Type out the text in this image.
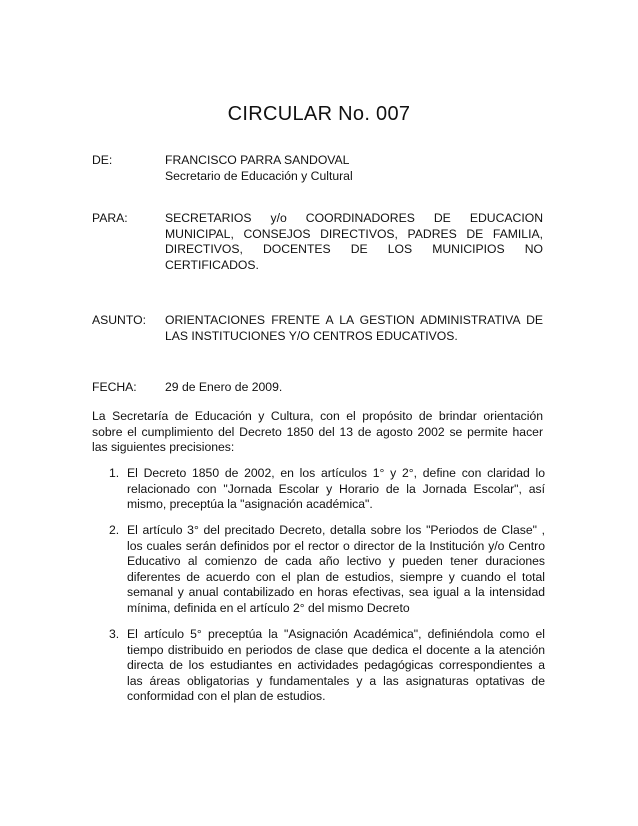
CIRCULAR No. 007
DE:	FRANCISCO PARRA SANDOVAL
Secretario de Educación y Cultural
PARA:	SECRETARIOS y/o COORDINADORES DE EDUCACION
MUNICIPAL, CONSEJOS DIRECTIVOS, PADRES DE FAMILIA,
DIRECTIVOS, DOCENTES DE LOS MUNICIPIOS NO
CERTIFICADOS.
ASUNTO: ORIENTACIONES FRENTE A LA GESTION ADMINISTRATIVA DE
LAS INSTITUCIONES Y/O CENTROS EDUCATIVOS.
FECHA: 29 de Enero de 2009.
La Secretaría de Educación y Cultura, con el propósito de brindar orientación
sobre el cumplimiento del Decreto 1850 del 13 de agosto 2002 se permite hacer
las siguientes precisiones:
1. El Decreto 1850 de 2002, en los artículos 1° y 2°, define con claridad lo
relacionado con "Jornada Escolar y Horario de la Jornada Escolar", así
mismo, preceptúa la "asignación académica".
2. El artículo 3° del precitado Decreto, detalla sobre los "Periodos de Clase" ,
los cuales serán definidos por el rector o director de la Institución y/o Centro
Educativo al comienzo de cada año lectivo y pueden tener duraciones
diferentes de acuerdo con el plan de estudios, siempre y cuando el total
semanal y anual contabilizado en horas efectivas, sea igual a la intensidad
mínima, definida en el artículo 2° del mismo Decreto
3. El artículo 5° preceptúa la "Asignación Académica", definiéndola como el
tiempo distribuido en periodos de clase que dedica el docente a la atención
directa de los estudiantes en actividades pedagógicas correspondientes a
las áreas obligatorias y fundamentales y a las asignaturas optativas de
conformidad con el plan de estudios.
